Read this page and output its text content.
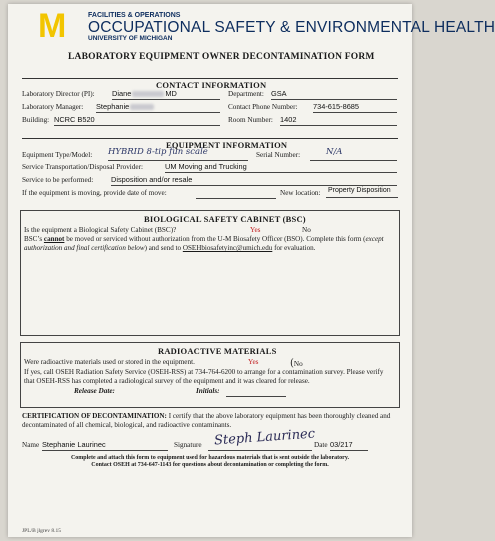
M	FACILITIES & OPERATIONS
OCCUPATIONAL SAFETY & ENVIRONMENTAL HEALTH
UNIVERSITY OF MICHIGAN
LABORATORY EQUIPMENT OWNER DECONTAMINATION FORM
CONTACT INFORMATION
Laboratory Director (PI): Diane	MD	Department: GSA
Laboratory Manager: Stephanie	Contact Phone Number: 734-615-8685
Building: NCRC B520	Room Number: 1402
EQUIPMENT INFORMATION
Equipment Type/Model: HYBRID 8-tip fun scale	Serial Number:	N/A
Service Transportation/Disposal Provider:	UM Moving and Trucking
Service to be performed: Disposition and/or resale
If the equipment is moving, provide date of move:	New location: Property Disposition
BIOLOGICAL SAFETY CABINET (BSC)
Is the equipment a Biological Safety Cabinet (BSC)?	Yes	No
BSC’s cannot be moved or serviced without authorization from the U-M Biosafety Officer (BSO). Complete this form (except authorization and final certification below) and send to OSEHbiosafetyinc@umich.edu for evaluation.
RADIOACTIVE MATERIALS
Were radioactive materials used or stored in the equipment.	Yes	(No
If yes, call OSEH Radiation Safety Service (OSEH-RSS) at 734-764-6200 to arrange for a contamination survey. Please verify that OSEH-RSS has completed a radiological survey of the equipment and it was cleared for release.
Release Date:	Initials:
CERTIFICATION OF DECONTAMINATION: I certify that the above laboratory equipment has been thoroughly cleaned and decontaminated of all chemical, biological, and radioactive contaminants.
Name Stephanie Laurinec	Signature Steph Laurinec
Date 03/217
Complete and attach this form to equipment used for hazardous materials that is sent outside the laboratory.
Contact OSEH at 734-647-1143 for questions about decontamination or completing the form.
JPL/B jlgrev 8.15
